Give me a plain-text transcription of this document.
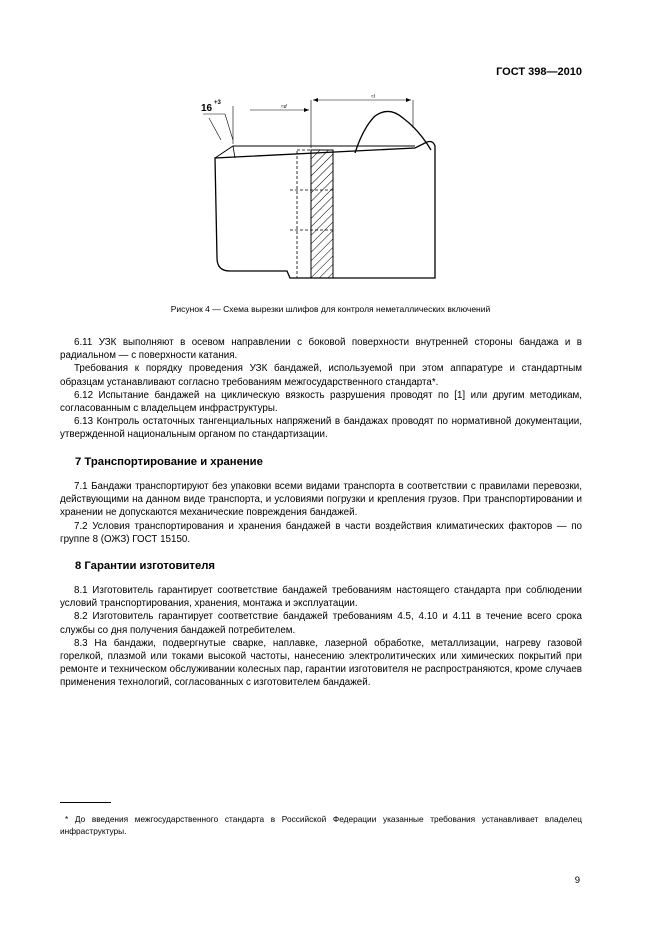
ГОСТ 398—2010
≈d
≈l
16 +3
Рисунок 4 — Схема вырезки шлифов для контроля неметаллических включений

6.11 УЗК выполняют в осевом направлении с боковой поверхности внутренней стороны бандажа и в радиальном — с поверхности катания.

Требования к порядку проведения УЗК бандажей, используемой при этом аппаратуре и стандартным образцам устанавливают согласно требованиям межгосударственного стандарта*.

6.12 Испытание бандажей на циклическую вязкость разрушения проводят по [1] или другим методикам, согласованным с владельцем инфраструктуры.

6.13 Контроль остаточных тангенциальных напряжений в бандажах проводят по нормативной документации, утвержденной национальным органом по стандартизации.

7 Транспортирование и хранение

7.1 Бандажи транспортируют без упаковки всеми видами транспорта в соответствии с правилами перевозки, действующими на данном виде транспорта, и условиями погрузки и крепления грузов. При транспортировании и хранении не допускаются механические повреждения бандажей.

7.2 Условия транспортирования и хранения бандажей в части воздействия климатических факторов — по группе 8 (ОЖЗ) ГОСТ 15150.

8 Гарантии изготовителя

8.1 Изготовитель гарантирует соответствие бандажей требованиям настоящего стандарта при соблюдении условий транспортирования, хранения, монтажа и эксплуатации.

8.2 Изготовитель гарантирует соответствие бандажей требованиям 4.5, 4.10 и 4.11 в течение всего срока службы со дня получения бандажей потребителем.

8.3 На бандажи, подвергнутые сварке, наплавке, лазерной обработке, металлизации, нагреву газовой горелкой, плазмой или токами высокой частоты, нанесению электролитических или химических покрытий при ремонте и техническом обслуживании колесных пар, гарантии изготовителя не распространяются, кроме случаев применения технологий, согласованных с изготовителем бандажей.

* До введения межгосударственного стандарта в Российской Федерации указанные требования устанавливает владелец инфраструктуры.

9
